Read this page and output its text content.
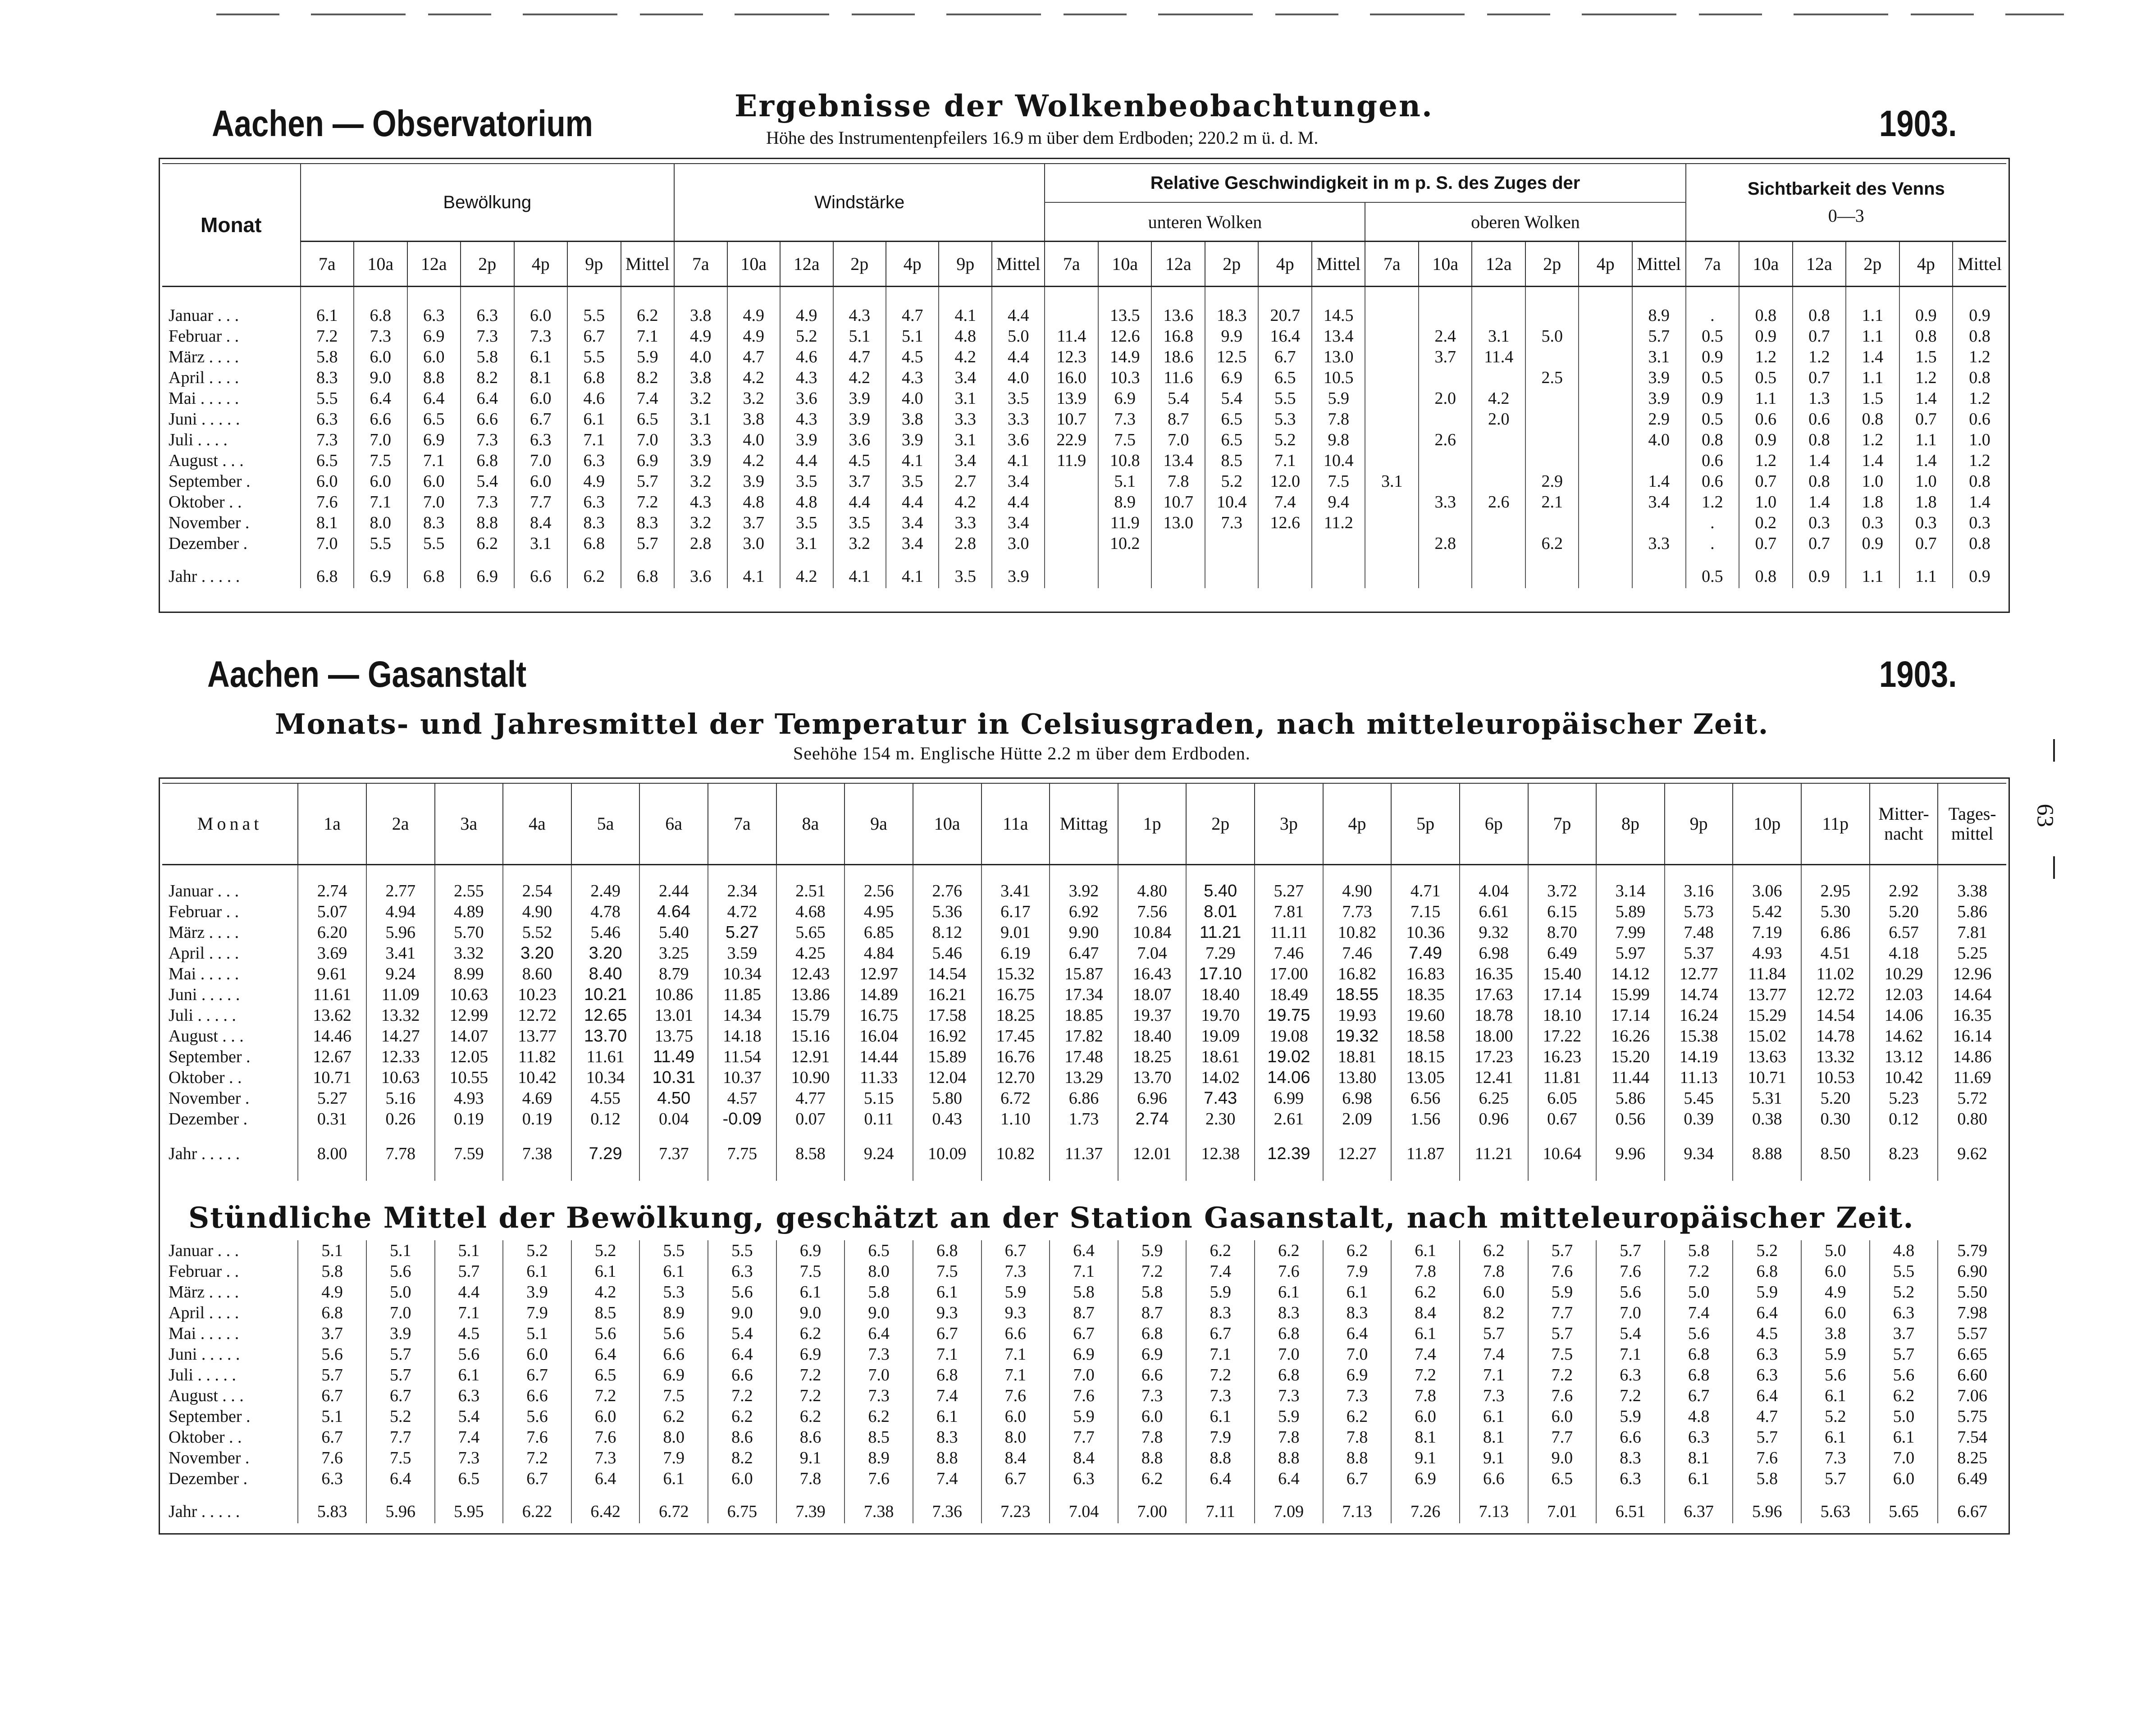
Aachen — Observatorium	Ergebnisse der Wolkenbeobachtungen.
Höhe des Instrumentenpfeilers 16.9 m über dem Erdboden; 220.2 m ü. d. M.	1903.
Monat	Bewölkung							Windstärke							Relative Geschwindigkeit in m p. S. des Zuges der												Sichtbarkeit des Venns
0—3					
															unteren Wolken						oberen Wolken											
	7a	10a	12a	2p	4p	9p	Mittel	7a	10a	12a	2p	4p	9p	Mittel	7a	10a	12a	2p	4p	Mittel	7a	10a	12a	2p	4p	Mittel	7a	10a	12a	2p	4p	Mittel

Januar . . .	6.1	6.8	6.3	6.3	6.0	5.5	6.2	3.8	4.9	4.9	4.3	4.7	4.1	4.4		13.5	13.6	18.3	20.7	14.5						8.9	.	0.8	0.8	1.1	0.9	0.9
Februar . .	7.2	7.3	6.9	7.3	7.3	6.7	7.1	4.9	4.9	5.2	5.1	5.1	4.8	5.0	11.4	12.6	16.8	9.9	16.4	13.4		2.4	3.1	5.0		5.7	0.5	0.9	0.7	1.1	0.8	0.8
März . . . .	5.8	6.0	6.0	5.8	6.1	5.5	5.9	4.0	4.7	4.6	4.7	4.5	4.2	4.4	12.3	14.9	18.6	12.5	6.7	13.0		3.7	11.4			3.1	0.9	1.2	1.2	1.4	1.5	1.2
April . . . .	8.3	9.0	8.8	8.2	8.1	6.8	8.2	3.8	4.2	4.3	4.2	4.3	3.4	4.0	16.0	10.3	11.6	6.9	6.5	10.5				2.5		3.9	0.5	0.5	0.7	1.1	1.2	0.8
Mai . . . . .	5.5	6.4	6.4	6.4	6.0	4.6	7.4	3.2	3.2	3.6	3.9	4.0	3.1	3.5	13.9	6.9	5.4	5.4	5.5	5.9		2.0	4.2			3.9	0.9	1.1	1.3	1.5	1.4	1.2
Juni . . . . .	6.3	6.6	6.5	6.6	6.7	6.1	6.5	3.1	3.8	4.3	3.9	3.8	3.3	3.3	10.7	7.3	8.7	6.5	5.3	7.8			2.0			2.9	0.5	0.6	0.6	0.8	0.7	0.6
Juli . . . .	7.3	7.0	6.9	7.3	6.3	7.1	7.0	3.3	4.0	3.9	3.6	3.9	3.1	3.6	22.9	7.5	7.0	6.5	5.2	9.8		2.6				4.0	0.8	0.9	0.8	1.2	1.1	1.0
August . . .	6.5	7.5	7.1	6.8	7.0	6.3	6.9	3.9	4.2	4.4	4.5	4.1	3.4	4.1	11.9	10.8	13.4	8.5	7.1	10.4							0.6	1.2	1.4	1.4	1.4	1.2
September .	6.0	6.0	6.0	5.4	6.0	4.9	5.7	3.2	3.9	3.5	3.7	3.5	2.7	3.4		5.1	7.8	5.2	12.0	7.5	3.1			2.9		1.4	0.6	0.7	0.8	1.0	1.0	0.8
Oktober . .	7.6	7.1	7.0	7.3	7.7	6.3	7.2	4.3	4.8	4.8	4.4	4.4	4.2	4.4		8.9	10.7	10.4	7.4	9.4		3.3	2.6	2.1		3.4	1.2	1.0	1.4	1.8	1.8	1.4
November .	8.1	8.0	8.3	8.8	8.4	8.3	8.3	3.2	3.7	3.5	3.5	3.4	3.3	3.4		11.9	13.0	7.3	12.6	11.2							.	0.2	0.3	0.3	0.3	0.3
Dezember .	7.0	5.5	5.5	6.2	3.1	6.8	5.7	2.8	3.0	3.1	3.2	3.4	2.8	3.0		10.2						2.8		6.2		3.3	.	0.7	0.7	0.9	0.7	0.8

Jahr . . . . .	6.8	6.9	6.8	6.9	6.6	6.2	6.8	3.6	4.1	4.2	4.1	4.1	3.5	3.9													0.5	0.8	0.9	1.1	1.1	0.9
Aachen — Gasanstalt	1903.
Monats- und Jahresmittel der Temperatur in Celsiusgraden, nach mitteleuropäischer Zeit.
Seehöhe 154 m. Englische Hütte 2.2 m über dem Erdboden.
63
Monat	1a	2a	3a	4a	5a	6a	7a	8a	9a	10a	11a	Mittag	1p	2p	3p	4p	5p	6p	7p	8p	9p	10p	11p	Mitter-nacht	Tages-mittel

Januar . . .	2.74	2.77	2.55	2.54	2.49	2.44	2.34	2.51	2.56	2.76	3.41	3.92	4.80	5.40	5.27	4.90	4.71	4.04	3.72	3.14	3.16	3.06	2.95	2.92	3.38
Februar . .	5.07	4.94	4.89	4.90	4.78	4.64	4.72	4.68	4.95	5.36	6.17	6.92	7.56	8.01	7.81	7.73	7.15	6.61	6.15	5.89	5.73	5.42	5.30	5.20	5.86
März . . . .	6.20	5.96	5.70	5.52	5.46	5.40	5.27	5.65	6.85	8.12	9.01	9.90	10.84	11.21	11.11	10.82	10.36	9.32	8.70	7.99	7.48	7.19	6.86	6.57	7.81
April . . . .	3.69	3.41	3.32	3.20	3.20	3.25	3.59	4.25	4.84	5.46	6.19	6.47	7.04	7.29	7.46	7.46	7.49	6.98	6.49	5.97	5.37	4.93	4.51	4.18	5.25
Mai . . . . .	9.61	9.24	8.99	8.60	8.40	8.79	10.34	12.43	12.97	14.54	15.32	15.87	16.43	17.10	17.00	16.82	16.83	16.35	15.40	14.12	12.77	11.84	11.02	10.29	12.96
Juni . . . . .	11.61	11.09	10.63	10.23	10.21	10.86	11.85	13.86	14.89	16.21	16.75	17.34	18.07	18.40	18.49	18.55	18.35	17.63	17.14	15.99	14.74	13.77	12.72	12.03	14.64
Juli . . . . .	13.62	13.32	12.99	12.72	12.65	13.01	14.34	15.79	16.75	17.58	18.25	18.85	19.37	19.70	19.75	19.93	19.60	18.78	18.10	17.14	16.24	15.29	14.54	14.06	16.35
August . . .	14.46	14.27	14.07	13.77	13.70	13.75	14.18	15.16	16.04	16.92	17.45	17.82	18.40	19.09	19.08	19.32	18.58	18.00	17.22	16.26	15.38	15.02	14.78	14.62	16.14
September .	12.67	12.33	12.05	11.82	11.61	11.49	11.54	12.91	14.44	15.89	16.76	17.48	18.25	18.61	19.02	18.81	18.15	17.23	16.23	15.20	14.19	13.63	13.32	13.12	14.86
Oktober . .	10.71	10.63	10.55	10.42	10.34	10.31	10.37	10.90	11.33	12.04	12.70	13.29	13.70	14.02	14.06	13.80	13.05	12.41	11.81	11.44	11.13	10.71	10.53	10.42	11.69
November .	5.27	5.16	4.93	4.69	4.55	4.50	4.57	4.77	5.15	5.80	6.72	6.86	6.96	7.43	6.99	6.98	6.56	6.25	6.05	5.86	5.45	5.31	5.20	5.23	5.72
Dezember .	0.31	0.26	0.19	0.19	0.12	0.04	-0.09	0.07	0.11	0.43	1.10	1.73	2.74	2.30	2.61	2.09	1.56	0.96	0.67	0.56	0.39	0.38	0.30	0.12	0.80

Jahr . . . . .	8.00	7.78	7.59	7.38	7.29	7.37	7.75	8.58	9.24	10.09	10.82	11.37	12.01	12.38	12.39	12.27	11.87	11.21	10.64	9.96	9.34	8.88	8.50	8.23	9.62

Stündliche Mittel der Bewölkung, geschätzt an der Station Gasanstalt, nach mitteleuropäischer Zeit.
Januar . . .	5.1	5.1	5.1	5.2	5.2	5.5	5.5	6.9	6.5	6.8	6.7	6.4	5.9	6.2	6.2	6.2	6.1	6.2	5.7	5.7	5.8	5.2	5.0	4.8	5.79
Februar . .	5.8	5.6	5.7	6.1	6.1	6.1	6.3	7.5	8.0	7.5	7.3	7.1	7.2	7.4	7.6	7.9	7.8	7.8	7.6	7.6	7.2	6.8	6.0	5.5	6.90
März . . . .	4.9	5.0	4.4	3.9	4.2	5.3	5.6	6.1	5.8	6.1	5.9	5.8	5.8	5.9	6.1	6.1	6.2	6.0	5.9	5.6	5.0	5.9	4.9	5.2	5.50
April . . . .	6.8	7.0	7.1	7.9	8.5	8.9	9.0	9.0	9.0	9.3	9.3	8.7	8.7	8.3	8.3	8.3	8.4	8.2	7.7	7.0	7.4	6.4	6.0	6.3	7.98
Mai . . . . .	3.7	3.9	4.5	5.1	5.6	5.6	5.4	6.2	6.4	6.7	6.6	6.7	6.8	6.7	6.8	6.4	6.1	5.7	5.7	5.4	5.6	4.5	3.8	3.7	5.57
Juni . . . . .	5.6	5.7	5.6	6.0	6.4	6.6	6.4	6.9	7.3	7.1	7.1	6.9	6.9	7.1	7.0	7.0	7.4	7.4	7.5	7.1	6.8	6.3	5.9	5.7	6.65
Juli . . . . .	5.7	5.7	6.1	6.7	6.5	6.9	6.6	7.2	7.0	6.8	7.1	7.0	6.6	7.2	6.8	6.9	7.2	7.1	7.2	6.3	6.8	6.3	5.6	5.6	6.60
August . . .	6.7	6.7	6.3	6.6	7.2	7.5	7.2	7.2	7.3	7.4	7.6	7.6	7.3	7.3	7.3	7.3	7.8	7.3	7.6	7.2	6.7	6.4	6.1	6.2	7.06
September .	5.1	5.2	5.4	5.6	6.0	6.2	6.2	6.2	6.2	6.1	6.0	5.9	6.0	6.1	5.9	6.2	6.0	6.1	6.0	5.9	4.8	4.7	5.2	5.0	5.75
Oktober . .	6.7	7.7	7.4	7.6	7.6	8.0	8.6	8.6	8.5	8.3	8.0	7.7	7.8	7.9	7.8	7.8	8.1	8.1	7.7	6.6	6.3	5.7	6.1	6.1	7.54
November .	7.6	7.5	7.3	7.2	7.3	7.9	8.2	9.1	8.9	8.8	8.4	8.4	8.8	8.8	8.8	8.8	9.1	9.1	9.0	8.3	8.1	7.6	7.3	7.0	8.25
Dezember .	6.3	6.4	6.5	6.7	6.4	6.1	6.0	7.8	7.6	7.4	6.7	6.3	6.2	6.4	6.4	6.7	6.9	6.6	6.5	6.3	6.1	5.8	5.7	6.0	6.49

Jahr . . . . .	5.83	5.96	5.95	6.22	6.42	6.72	6.75	7.39	7.38	7.36	7.23	7.04	7.00	7.11	7.09	7.13	7.26	7.13	7.01	6.51	6.37	5.96	5.63	5.65	6.67
